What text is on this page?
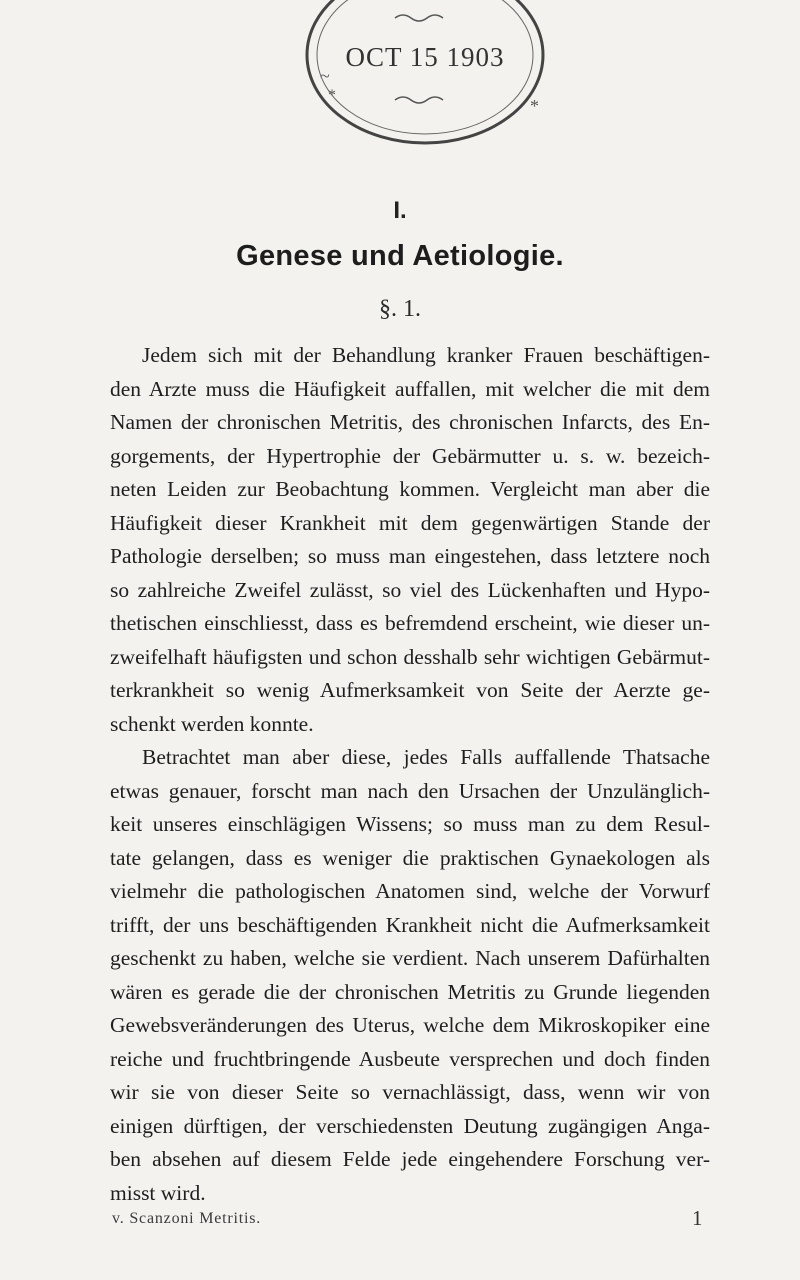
*
*
~
OCT 15 1903
I.
Genese und Aetiologie.
§. 1.
Jedem sich mit der Behandlung kranker Frauen beschäftigen-
den Arzte muss die Häufigkeit auffallen, mit welcher die mit dem
Namen der chronischen Metritis, des chronischen Infarcts, des En-
gorgements, der Hypertrophie der Gebärmutter u. s. w. bezeich-
neten Leiden zur Beobachtung kommen. Vergleicht man aber die
Häufigkeit dieser Krankheit mit dem gegenwärtigen Stande der
Pathologie derselben; so muss man eingestehen, dass letztere noch
so zahlreiche Zweifel zulässt, so viel des Lückenhaften und Hypo-
thetischen einschliesst, dass es befremdend erscheint, wie dieser un-
zweifelhaft häufigsten und schon desshalb sehr wichtigen Gebärmut-
terkrankheit so wenig Aufmerksamkeit von Seite der Aerzte ge-
schenkt werden konnte.
Betrachtet man aber diese, jedes Falls auffallende Thatsache
etwas genauer, forscht man nach den Ursachen der Unzulänglich-
keit unseres einschlägigen Wissens; so muss man zu dem Resul-
tate gelangen, dass es weniger die praktischen Gynaekologen als
vielmehr die pathologischen Anatomen sind, welche der Vorwurf
trifft, der uns beschäftigenden Krankheit nicht die Aufmerksamkeit
geschenkt zu haben, welche sie verdient. Nach unserem Dafürhalten
wären es gerade die der chronischen Metritis zu Grunde liegenden
Gewebsveränderungen des Uterus, welche dem Mikroskopiker eine
reiche und fruchtbringende Ausbeute versprechen und doch finden
wir sie von dieser Seite so vernachlässigt, dass, wenn wir von
einigen dürftigen, der verschiedensten Deutung zugängigen Anga-
ben absehen auf diesem Felde jede eingehendere Forschung ver-
misst wird.
v. Scanzoni Metritis.	1
